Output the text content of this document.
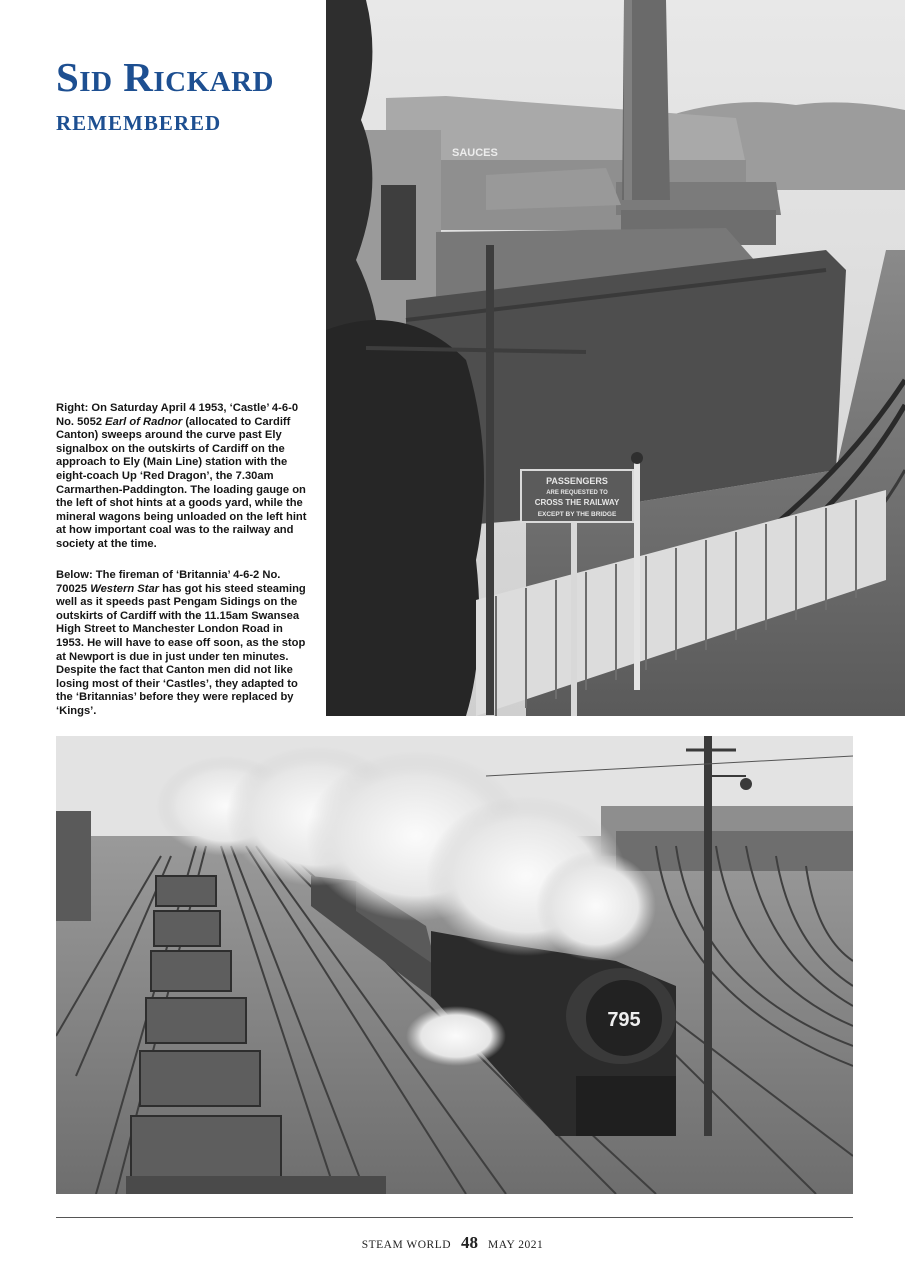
Sid Rickard
remembered
Right: On Saturday April 4 1953, ‘Castle’ 4-6-0 No. 5052 Earl of Radnor (allocated to Cardiff Canton) sweeps around the curve past Ely signalbox on the outskirts of Cardiff on the approach to Ely (Main Line) station with the eight-coach Up ‘Red Dragon’, the 7.30am Carmarthen-Paddington. The loading gauge on the left of shot hints at a goods yard, while the mineral wagons being unloaded on the left hint at how important coal was to the railway and society at the time.
Below: The fireman of ‘Britannia’ 4-6-2 No. 70025 Western Star has got his steed steaming well as it speeds past Pengam Sidings on the outskirts of Cardiff with the 11.15am Swansea High Street to Manchester London Road in 1953. He will have to ease off soon, as the stop at Newport is due in just under ten minutes. Despite the fact that Canton men did not like losing most of their ‘Castles’, they adapted to the ‘Britannias’ before they were replaced by ‘Kings’.
SAUCES
PASSENGERS
ARE REQUESTED TO
CROSS THE RAILWAY
EXCEPT BY THE BRIDGE
795
STEAM WORLD 48 MAY 2021
